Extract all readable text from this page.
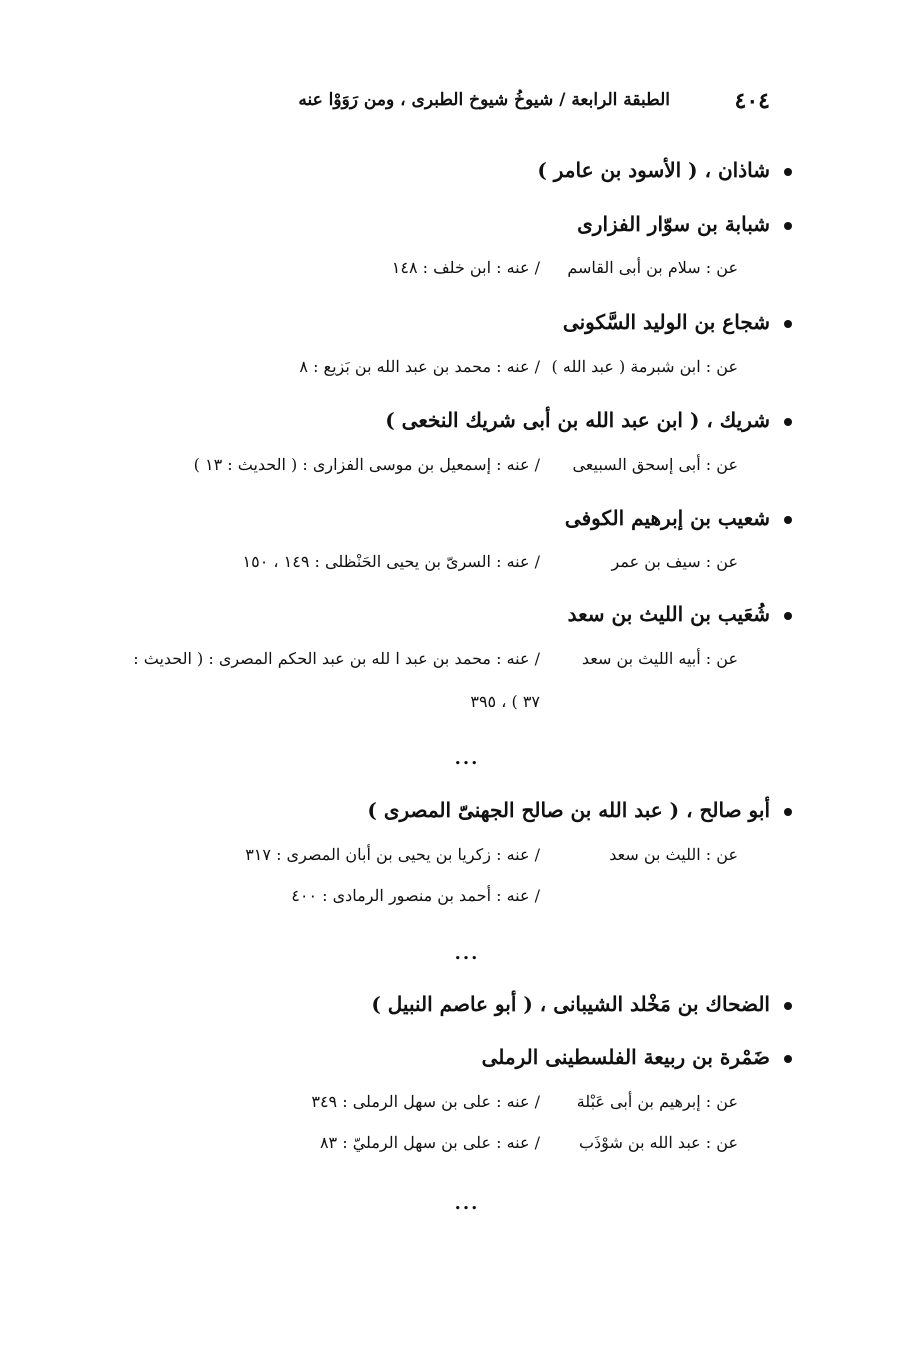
٤٠٤
الطبقة الرابعة / شيوخُ شيوخ الطبرى ، ومن رَوَوْا عنه
شاذان ، ( الأسود بن عامر )
شبابة بن سوّار الفزارى
عن : سلام بن أبى القاسم
/ عنه : ابن خلف : ١٤٨
شجاع بن الوليد السَّكونى
عن : ابن شبرمة ( عبد الله )
/ عنه : محمد بن عبد الله بن بَزيع : ٨
شريك ، ( ابن عبد الله بن أبى شريك النخعى )
عن : أبى إسحق السبيعى
/ عنه : إسمعيل بن موسى الفزارى : ( الحديث : ١٣ )
شعيب بن إبرهيم الكوفى
عن : سيف بن عمر
/ عنه : السرىّ بن يحيى الحَنْظلى : ١٤٩ ، ١٥٠
شُعَيب بن الليث بن سعد
عن : أبيه الليث بن سعد
/ عنه : محمد بن عبد ا لله بن عبد الحكم المصرى : ( الحديث :
٣٧ ) ، ٣٩٥
...
أبو صالح ، ( عبد الله بن صالح الجهنىّ المصرى )
عن : الليث بن سعد
/ عنه : زكريا بن يحيى بن أبان المصرى : ٣١٧
/ عنه : أحمد بن منصور الرمادى : ٤٠٠
...
الضحاك بن مَخْلد الشيبانى ، ( أبو عاصم النبيل )
ضَمْرة بن ربيعة الفلسطينى الرملى
عن : إبرهيم بن أبى عَبْلة
/ عنه : على بن سهل الرملى : ٣٤٩
عن : عبد الله بن شوْذَب
/ عنه : على بن سهل الرمليّ : ٨٣
...
